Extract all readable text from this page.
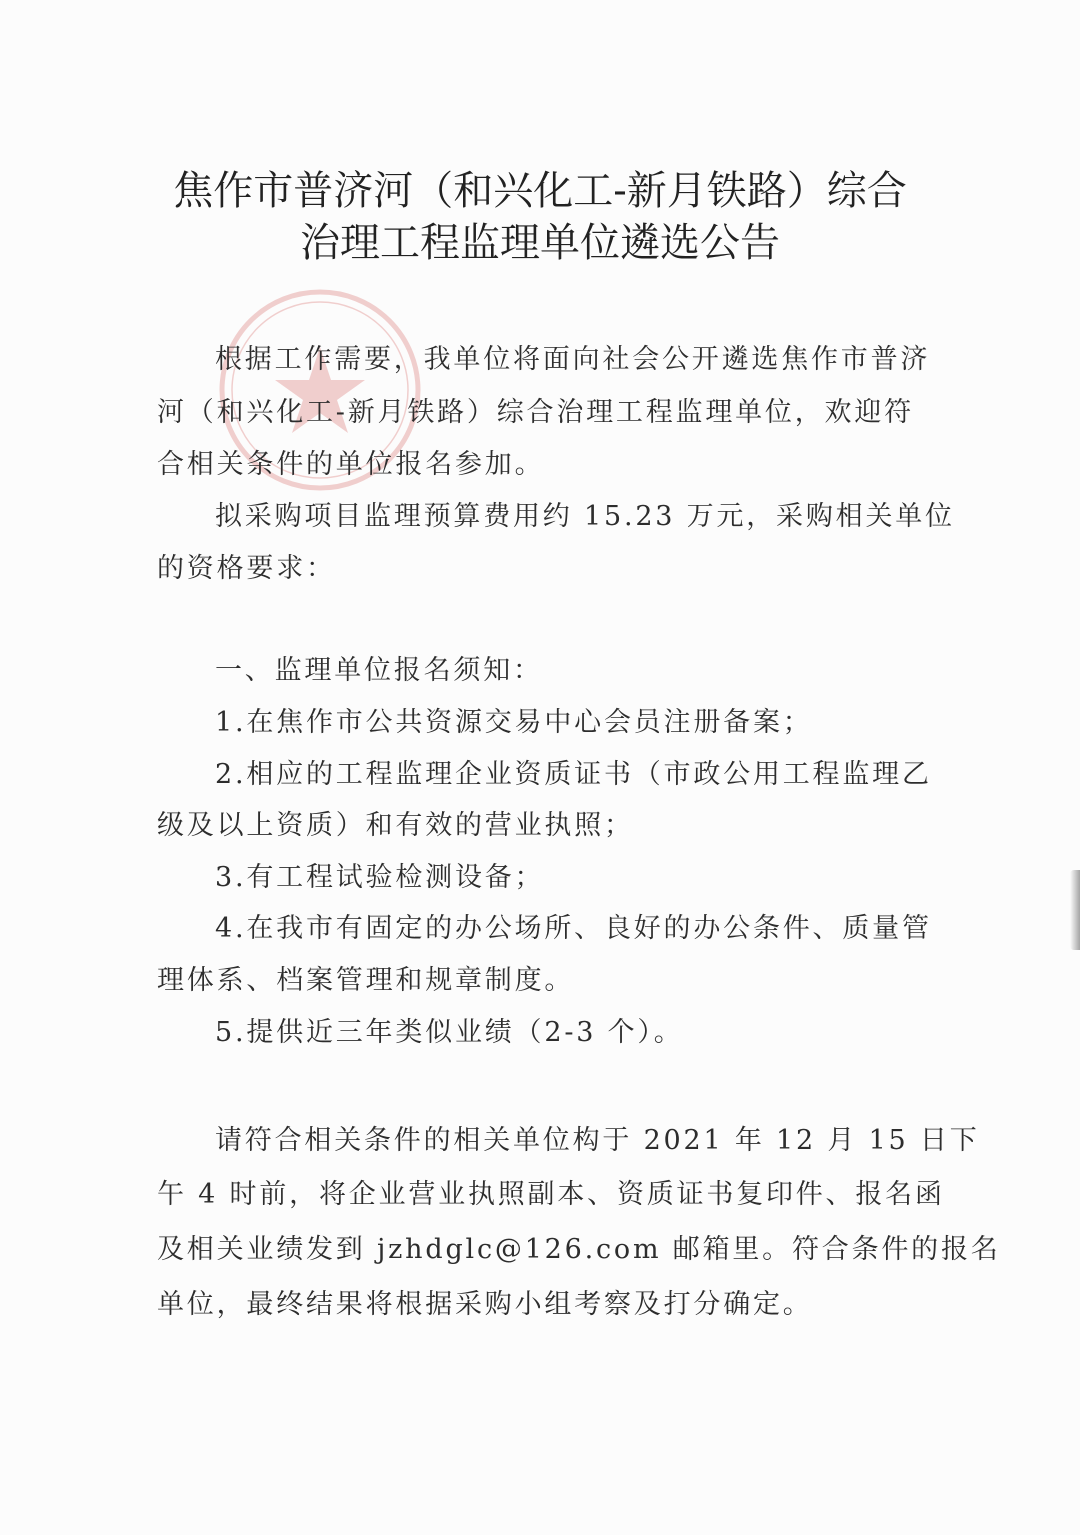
焦作市普济河（和兴化工-新月铁路）综合
治理工程监理单位遴选公告
根据工作需要，我单位将面向社会公开遴选焦作市普济
河（和兴化工-新月铁路）综合治理工程监理单位，欢迎符
合相关条件的单位报名参加。
拟采购项目监理预算费用约 15.23 万元，采购相关单位
的资格要求：
一、监理单位报名须知：
1.在焦作市公共资源交易中心会员注册备案；
2.相应的工程监理企业资质证书（市政公用工程监理乙
级及以上资质）和有效的营业执照；
3.有工程试验检测设备；
4.在我市有固定的办公场所、良好的办公条件、质量管
理体系、档案管理和规章制度。
5.提供近三年类似业绩（2-3 个）。
请符合相关条件的相关单位构于 2021 年 12 月 15 日下
午 4 时前，将企业营业执照副本、资质证书复印件、报名函
及相关业绩发到 jzhdglc@126.com 邮箱里。符合条件的报名
单位，最终结果将根据采购小组考察及打分确定。
